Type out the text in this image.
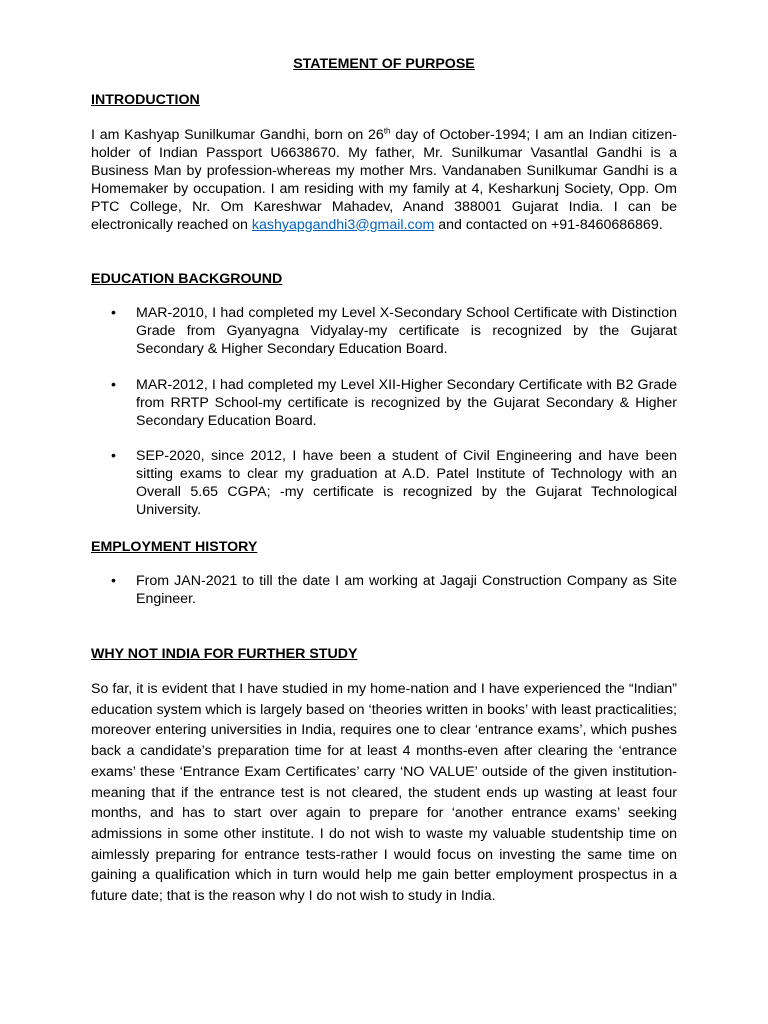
STATEMENT OF PURPOSE
INTRODUCTION
I am Kashyap Sunilkumar Gandhi, born on 26th day of October-1994; I am an Indian citizen-holder of Indian Passport U6638670. My father, Mr. Sunilkumar Vasantlal Gandhi is a Business Man by profession-whereas my mother Mrs. Vandanaben Sunilkumar Gandhi is a Homemaker by occupation. I am residing with my family at 4, Kesharkunj Society, Opp. Om PTC College, Nr. Om Kareshwar Mahadev, Anand 388001 Gujarat India. I can be electronically reached on kashyapgandhi3@gmail.com and contacted on +91-8460686869.
EDUCATION BACKGROUND
• MAR-2010, I had completed my Level X-Secondary School Certificate with Distinction Grade from Gyanyagna Vidyalay-my certificate is recognized by the Gujarat Secondary & Higher Secondary Education Board.
• MAR-2012, I had completed my Level XII-Higher Secondary Certificate with B2 Grade from RRTP School-my certificate is recognized by the Gujarat Secondary & Higher Secondary Education Board.
• SEP-2020, since 2012, I have been a student of Civil Engineering and have been sitting exams to clear my graduation at A.D. Patel Institute of Technology with an Overall 5.65 CGPA; -my certificate is recognized by the Gujarat Technological University.
EMPLOYMENT HISTORY
• From JAN-2021 to till the date I am working at Jagaji Construction Company as Site Engineer.
WHY NOT INDIA FOR FURTHER STUDY
So far, it is evident that I have studied in my home-nation and I have experienced the “Indian” education system which is largely based on ‘theories written in books’ with least practicalities; moreover entering universities in India, requires one to clear ‘entrance exams’, which pushes back a candidate’s preparation time for at least 4 months-even after clearing the ‘entrance exams’ these ‘Entrance Exam Certificates’ carry ‘NO VALUE’ outside of the given institution-meaning that if the entrance test is not cleared, the student ends up wasting at least four months, and has to start over again to prepare for ‘another entrance exams’ seeking admissions in some other institute. I do not wish to waste my valuable studentship time on aimlessly preparing for entrance tests-rather I would focus on investing the same time on gaining a qualification which in turn would help me gain better employment prospectus in a future date; that is the reason why I do not wish to study in India.
